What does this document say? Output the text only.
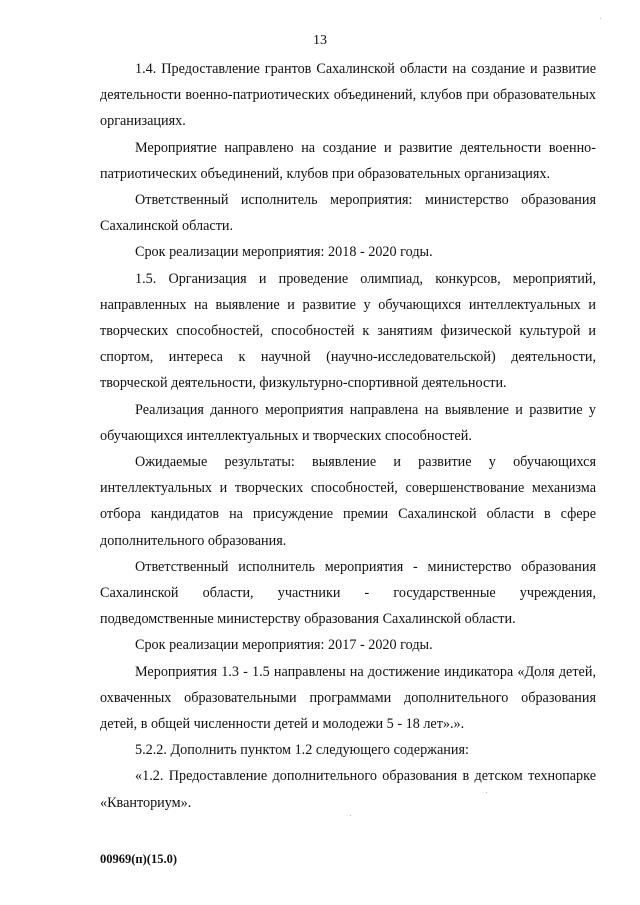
13

1.4. Предоставление грантов Сахалинской области на создание и развитие деятельности военно-патриотических объединений, клубов при образовательных организациях.

Мероприятие направлено на создание и развитие деятельности военно-патриотических объединений, клубов при образовательных организациях.

Ответственный исполнитель мероприятия: министерство образования Сахалинской области.

Срок реализации мероприятия: 2018 - 2020 годы.

1.5. Организация и проведение олимпиад, конкурсов, мероприятий, направленных на выявление и развитие у обучающихся интеллектуальных и творческих способностей, способностей к занятиям физической культурой и спортом, интереса к научной (научно-исследовательской) деятельности, творческой деятельности, физкультурно-спортивной деятельности.

Реализация данного мероприятия направлена на выявление и развитие у обучающихся интеллектуальных и творческих способностей.

Ожидаемые результаты: выявление и развитие у обучающихся интеллектуальных и творческих способностей, совершенствование механизма отбора кандидатов на присуждение премии Сахалинской области в сфере дополнительного образования.

Ответственный исполнитель мероприятия - министерство образования Сахалинской области, участники - государственные учреждения, подведомственные министерству образования Сахалинской области.

Срок реализации мероприятия: 2017 - 2020 годы.

Мероприятия 1.3 - 1.5 направлены на достижение индикатора «Доля детей, охваченных образовательными программами дополнительного образования детей, в общей численности детей и молодежи 5 - 18 лет».».

5.2.2. Дополнить пунктом 1.2 следующего содержания:

«1.2. Предоставление дополнительного образования в детском технопарке «Кванториум».

00969(п)(15.0)
